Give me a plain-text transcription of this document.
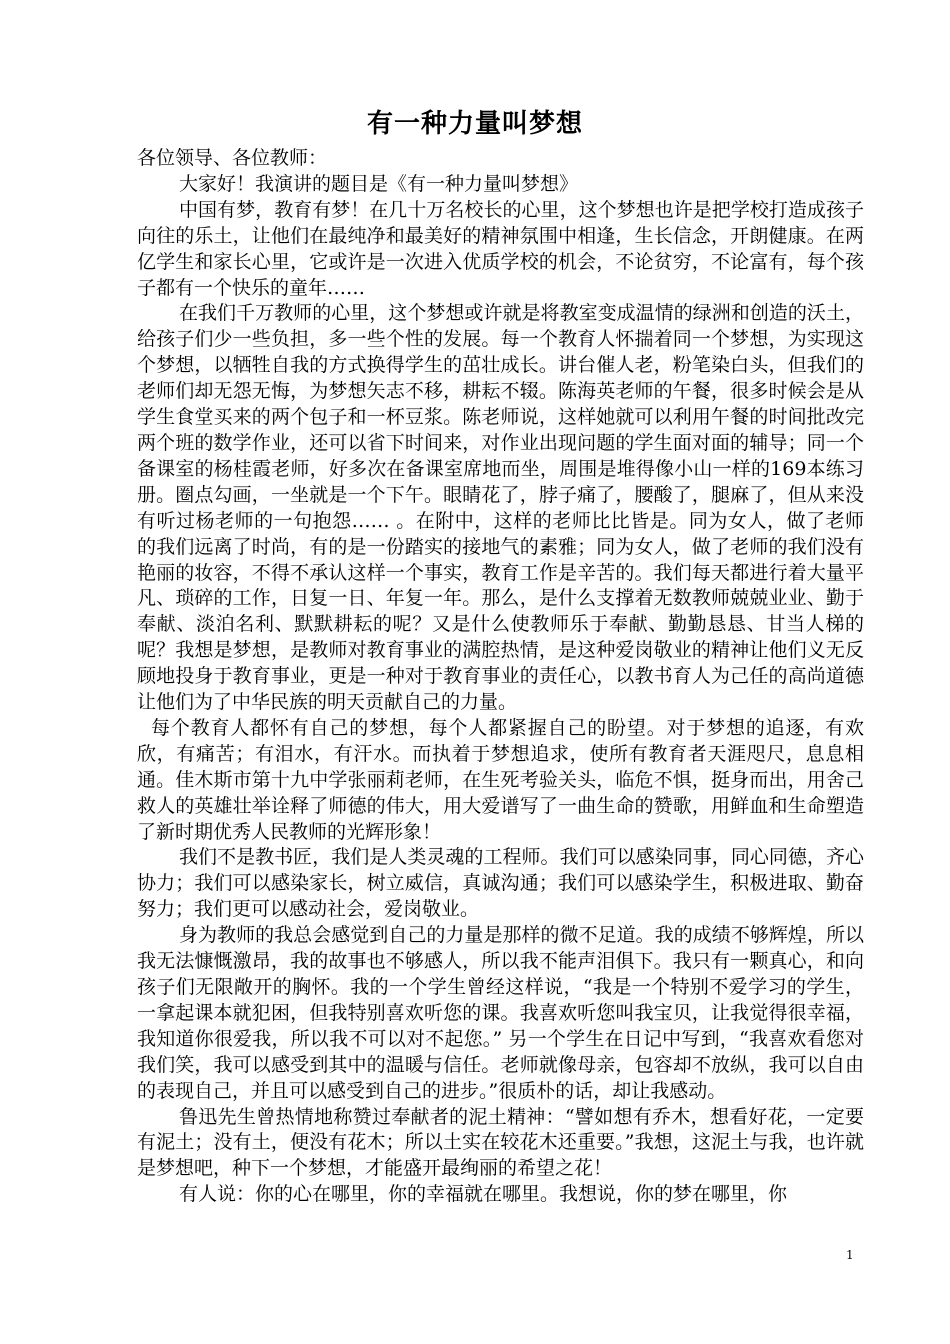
有一种力量叫梦想

各位领导、各位教师：

大家好！我演讲的题目是《有一种力量叫梦想》

中国有梦，教育有梦！在几十万名校长的心里，这个梦想也许是把学校打造成孩子向往的乐土，让他们在最纯净和最美好的精神氛围中相逢，生长信念，开朗健康。在两亿学生和家长心里，它或许是一次进入优质学校的机会，不论贫穷，不论富有，每个孩子都有一个快乐的童年……

在我们千万教师的心里，这个梦想或许就是将教室变成温情的绿洲和创造的沃土，给孩子们少一些负担，多一些个性的发展。每一个教育人怀揣着同一个梦想，为实现这个梦想，以牺牲自我的方式换得学生的茁壮成长。讲台催人老，粉笔染白头，但我们的老师们却无怨无悔，为梦想矢志不移，耕耘不辍。陈海英老师的午餐，很多时候会是从学生食堂买来的两个包子和一杯豆浆。陈老师说，这样她就可以利用午餐的时间批改完两个班的数学作业，还可以省下时间来，对作业出现问题的学生面对面的辅导；同一个备课室的杨桂霞老师，好多次在备课室席地而坐，周围是堆得像小山一样的169本练习册。圈点勾画，一坐就是一个下午。眼睛花了，脖子痛了，腰酸了，腿麻了，但从来没有听过杨老师的一句抱怨…… 。在附中，这样的老师比比皆是。同为女人，做了老师的我们远离了时尚，有的是一份踏实的接地气的素雅；同为女人，做了老师的我们没有艳丽的妆容，不得不承认这样一个事实，教育工作是辛苦的。我们每天都进行着大量平凡、琐碎的工作，日复一日、年复一年。那么，是什么支撑着无数教师兢兢业业、勤于奉献、淡泊名利、默默耕耘的呢？又是什么使教师乐于奉献、勤勤恳恳、甘当人梯的呢？我想是梦想，是教师对教育事业的满腔热情，是这种爱岗敬业的精神让他们义无反顾地投身于教育事业，更是一种对于教育事业的责任心，以教书育人为己任的高尚道德让他们为了中华民族的明天贡献自己的力量。

每个教育人都怀有自己的梦想，每个人都紧握自己的盼望。对于梦想的追逐，有欢欣，有痛苦；有泪水，有汗水。而执着于梦想追求，使所有教育者天涯咫尺，息息相通。佳木斯市第十九中学张丽莉老师，在生死考验关头，临危不惧，挺身而出，用舍己救人的英雄壮举诠释了师德的伟大，用大爱谱写了一曲生命的赞歌，用鲜血和生命塑造了新时期优秀人民教师的光辉形象！

我们不是教书匠，我们是人类灵魂的工程师。我们可以感染同事，同心同德，齐心协力；我们可以感染家长，树立威信，真诚沟通；我们可以感染学生，积极进取、勤奋努力；我们更可以感动社会，爱岗敬业。

身为教师的我总会感觉到自己的力量是那样的微不足道。我的成绩不够辉煌，所以我无法慷慨激昂，我的故事也不够感人，所以我不能声泪俱下。我只有一颗真心，和向孩子们无限敞开的胸怀。我的一个学生曾经这样说，“我是一个特别不爱学习的学生，一拿起课本就犯困，但我特别喜欢听您的课。我喜欢听您叫我宝贝，让我觉得很幸福，我知道你很爱我，所以我不可以对不起您。” 另一个学生在日记中写到，“我喜欢看您对我们笑，我可以感受到其中的温暖与信任。老师就像母亲，包容却不放纵，我可以自由的表现自己，并且可以感受到自己的进步。”很质朴的话，却让我感动。

鲁迅先生曾热情地称赞过奉献者的泥土精神：“譬如想有乔木，想看好花，一定要有泥土；没有土，便没有花木；所以土实在较花木还重要。”我想，这泥土与我，也许就是梦想吧，种下一个梦想，才能盛开最绚丽的希望之花！

有人说：你的心在哪里，你的幸福就在哪里。我想说，你的梦在哪里，你

1
